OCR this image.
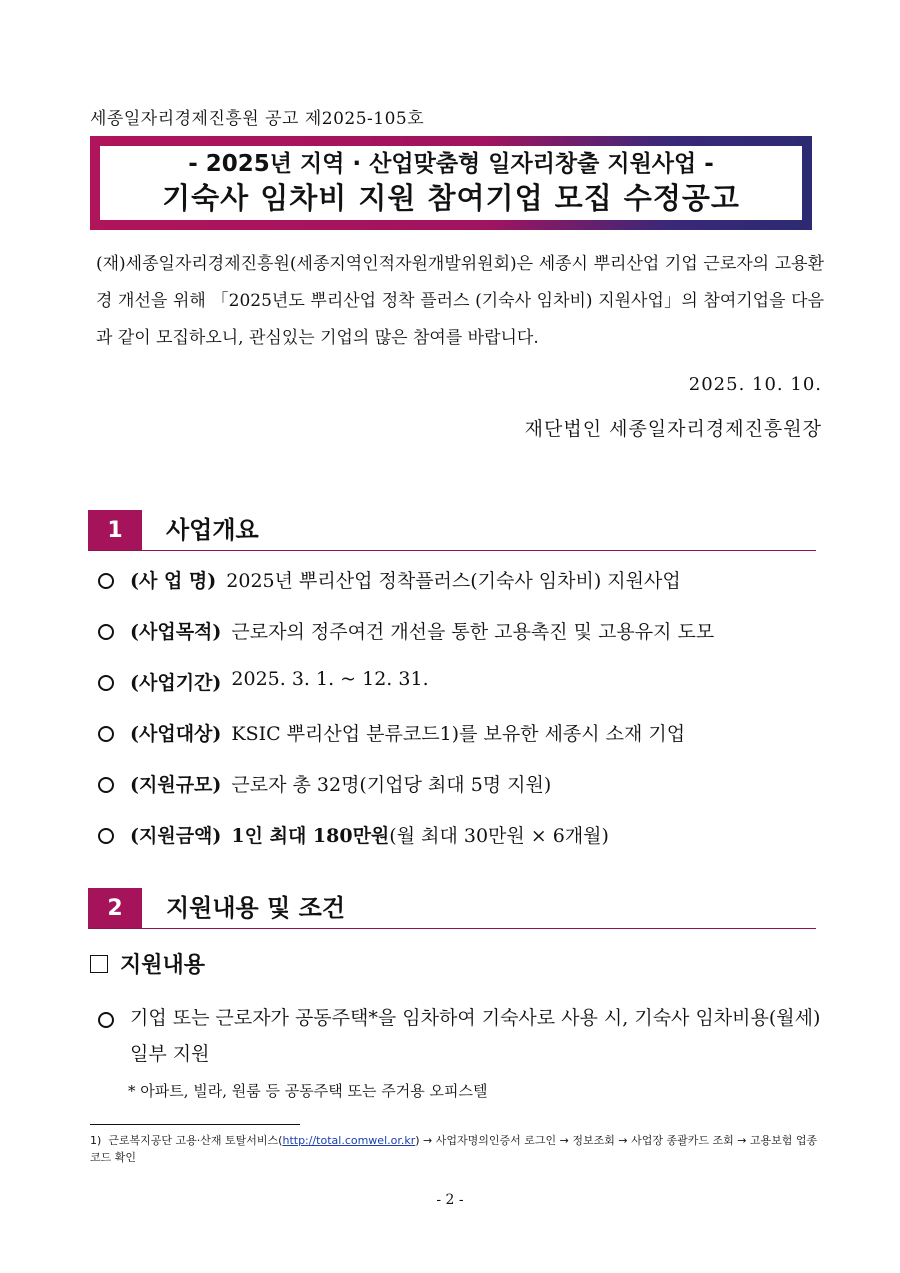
세종일자리경제진흥원 공고 제2025-105호
- 2025년 지역 · 산업맞춤형 일자리창출 지원사업 -
기숙사 임차비 지원 참여기업 모집 수정공고
(재)세종일자리경제진흥원(세종지역인적자원개발위원회)은 세종시 뿌리산업 기업 근로자의 고용환경 개선을 위해 「2025년도 뿌리산업 정착 플러스 (기숙사 임차비) 지원사업」의 참여기업을 다음과 같이 모집하오니, 관심있는 기업의 많은 참여를 바랍니다.
2025. 10. 10.
재단법인 세종일자리경제진흥원장
1	사업개요
(사 업 명) 2025년 뿌리산업 정착플러스(기숙사 임차비) 지원사업
(사업목적) 근로자의 정주여건 개선을 통한 고용촉진 및 고용유지 도모
(사업기간) 2025. 3. 1. ~ 12. 31.
(사업대상) KSIC 뿌리산업 분류코드1)를 보유한 세종시 소재 기업
(지원규모) 근로자 총 32명(기업당 최대 5명 지원)
(지원금액) 1인 최대 180만원 (월 최대 30만원 × 6개월)
2	지원내용 및 조건
지원내용
기업 또는 근로자가 공동주택*을 임차하여 기숙사로 사용 시, 기숙사 임차비용(월세) 일부 지원
* 아파트, 빌라, 원룸 등 공동주택 또는 주거용 오피스텔
1) 근로복지공단 고용·산재 토탈서비스(http://total.comwel.or.kr) → 사업자명의인증서 로그인 → 정보조회 → 사업장 종괄카드 조회 → 고용보험 업종 코드 확인
- 2 -
